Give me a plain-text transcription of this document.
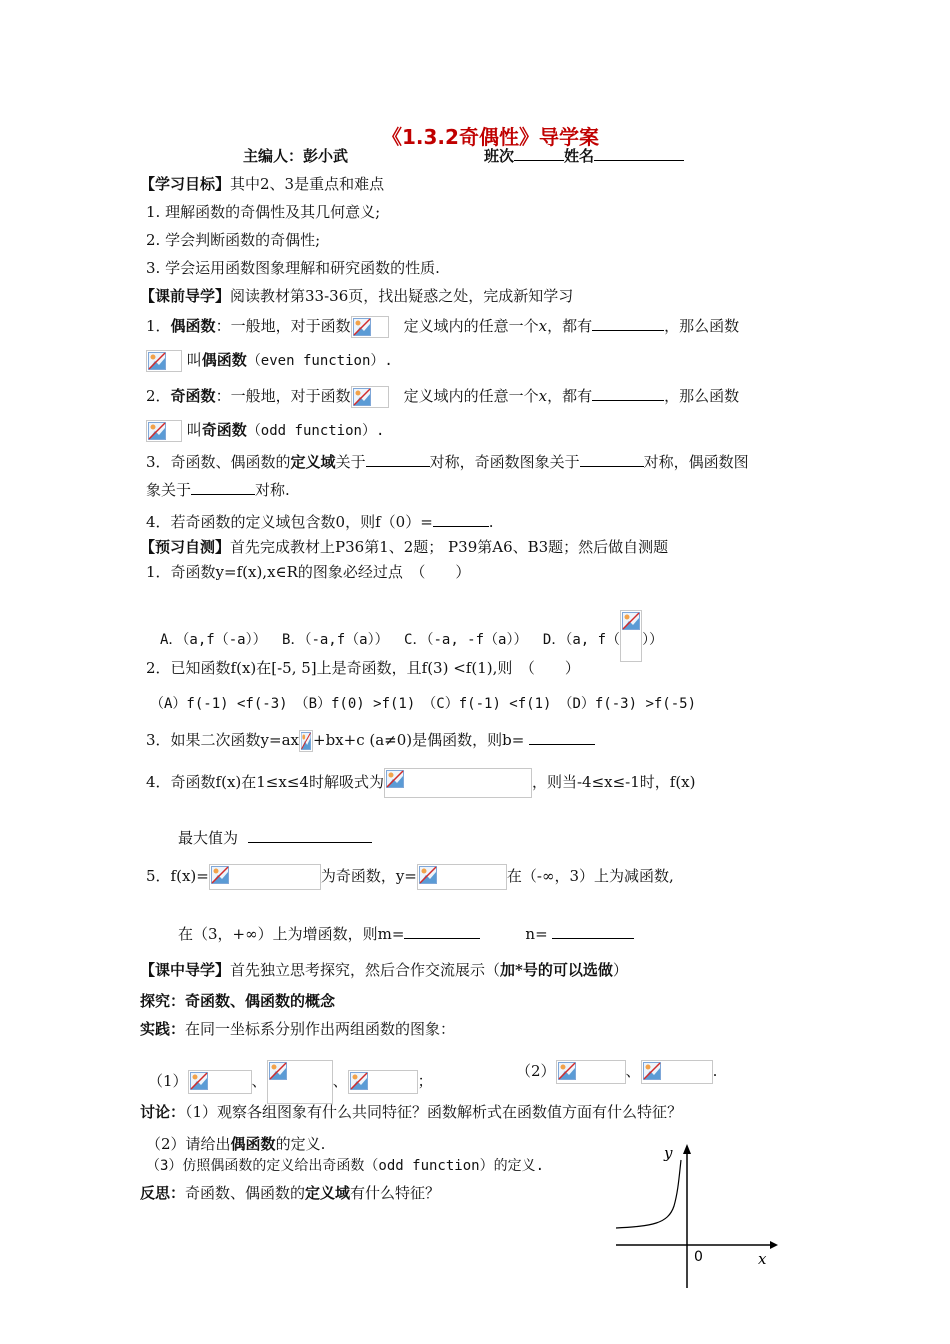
《1.3.2奇偶性》导学案
主编人：彭小武	班次	姓名
【学习目标】其中2、3是重点和难点
1. 理解函数的奇偶性及其几何意义;
2. 学会判断函数的奇偶性;
3. 学会运用函数图象理解和研究函数的性质.
【课前导学】阅读教材第33-36页，找出疑惑之处，完成新知学习
1．偶函数：一般地，对于函数
　	定义域内的任意一个x，都有	，那么函数
叫偶函数（even function）.
2．奇函数：一般地，对于函数
　	定义域内的任意一个x，都有	，那么函数
叫奇函数（odd function）.
3．奇函数、偶函数的定义域关于	对称，奇函数图象关于	对称，偶函数图
象关于	对称.
4．若奇函数的定义域包含数0，则f（0）=	.
【预习自测】首先完成教材上P36第1、2题； P39第A6、B3题；然后做自测题
1．奇函数y=f(x),x∈R的图象必经过点　（　　）
A．（a,f（-a））　 B．（-a,f（a））　 C．（-a, -f（a））　 D．（a, f（ ））
2．已知函数f(x)在[-5, 5]上是奇函数，且f(3) <f(1),则　（　　）
（A）f(-1) <f(-3)　 （B）f(0) >f(1)　 （C）f(-1) <f(1)　 （D）f(-3) >f(-5)
3．如果二次函数y=ax +bx+c (a≠0)是偶函数，则b=
4．奇函数f(x)在1≤x≤4时解吸式为	，则当-4≤x≤-1时，f(x)
最大值为
5．f(x)=	为奇函数，y=	在（-∞，3）上为减函数,
在（3，+∞）上为增函数，则m=　　　	n=
【课中导学】首先独立思考探究，然后合作交流展示（加*号的可以选做）
探究：奇函数、偶函数的概念
实践：在同一坐标系分别作出两组函数的图象：
（1）	、	、	；
（2）	、	.
讨论：（1）观察各组图象有什么共同特征？函数解析式在函数值方面有什么特征？
（2）请给出偶函数的定义.
（3）仿照偶函数的定义给出奇函数（odd function）的定义.
反思：奇函数、偶函数的定义域有什么特征？
y
x
0
